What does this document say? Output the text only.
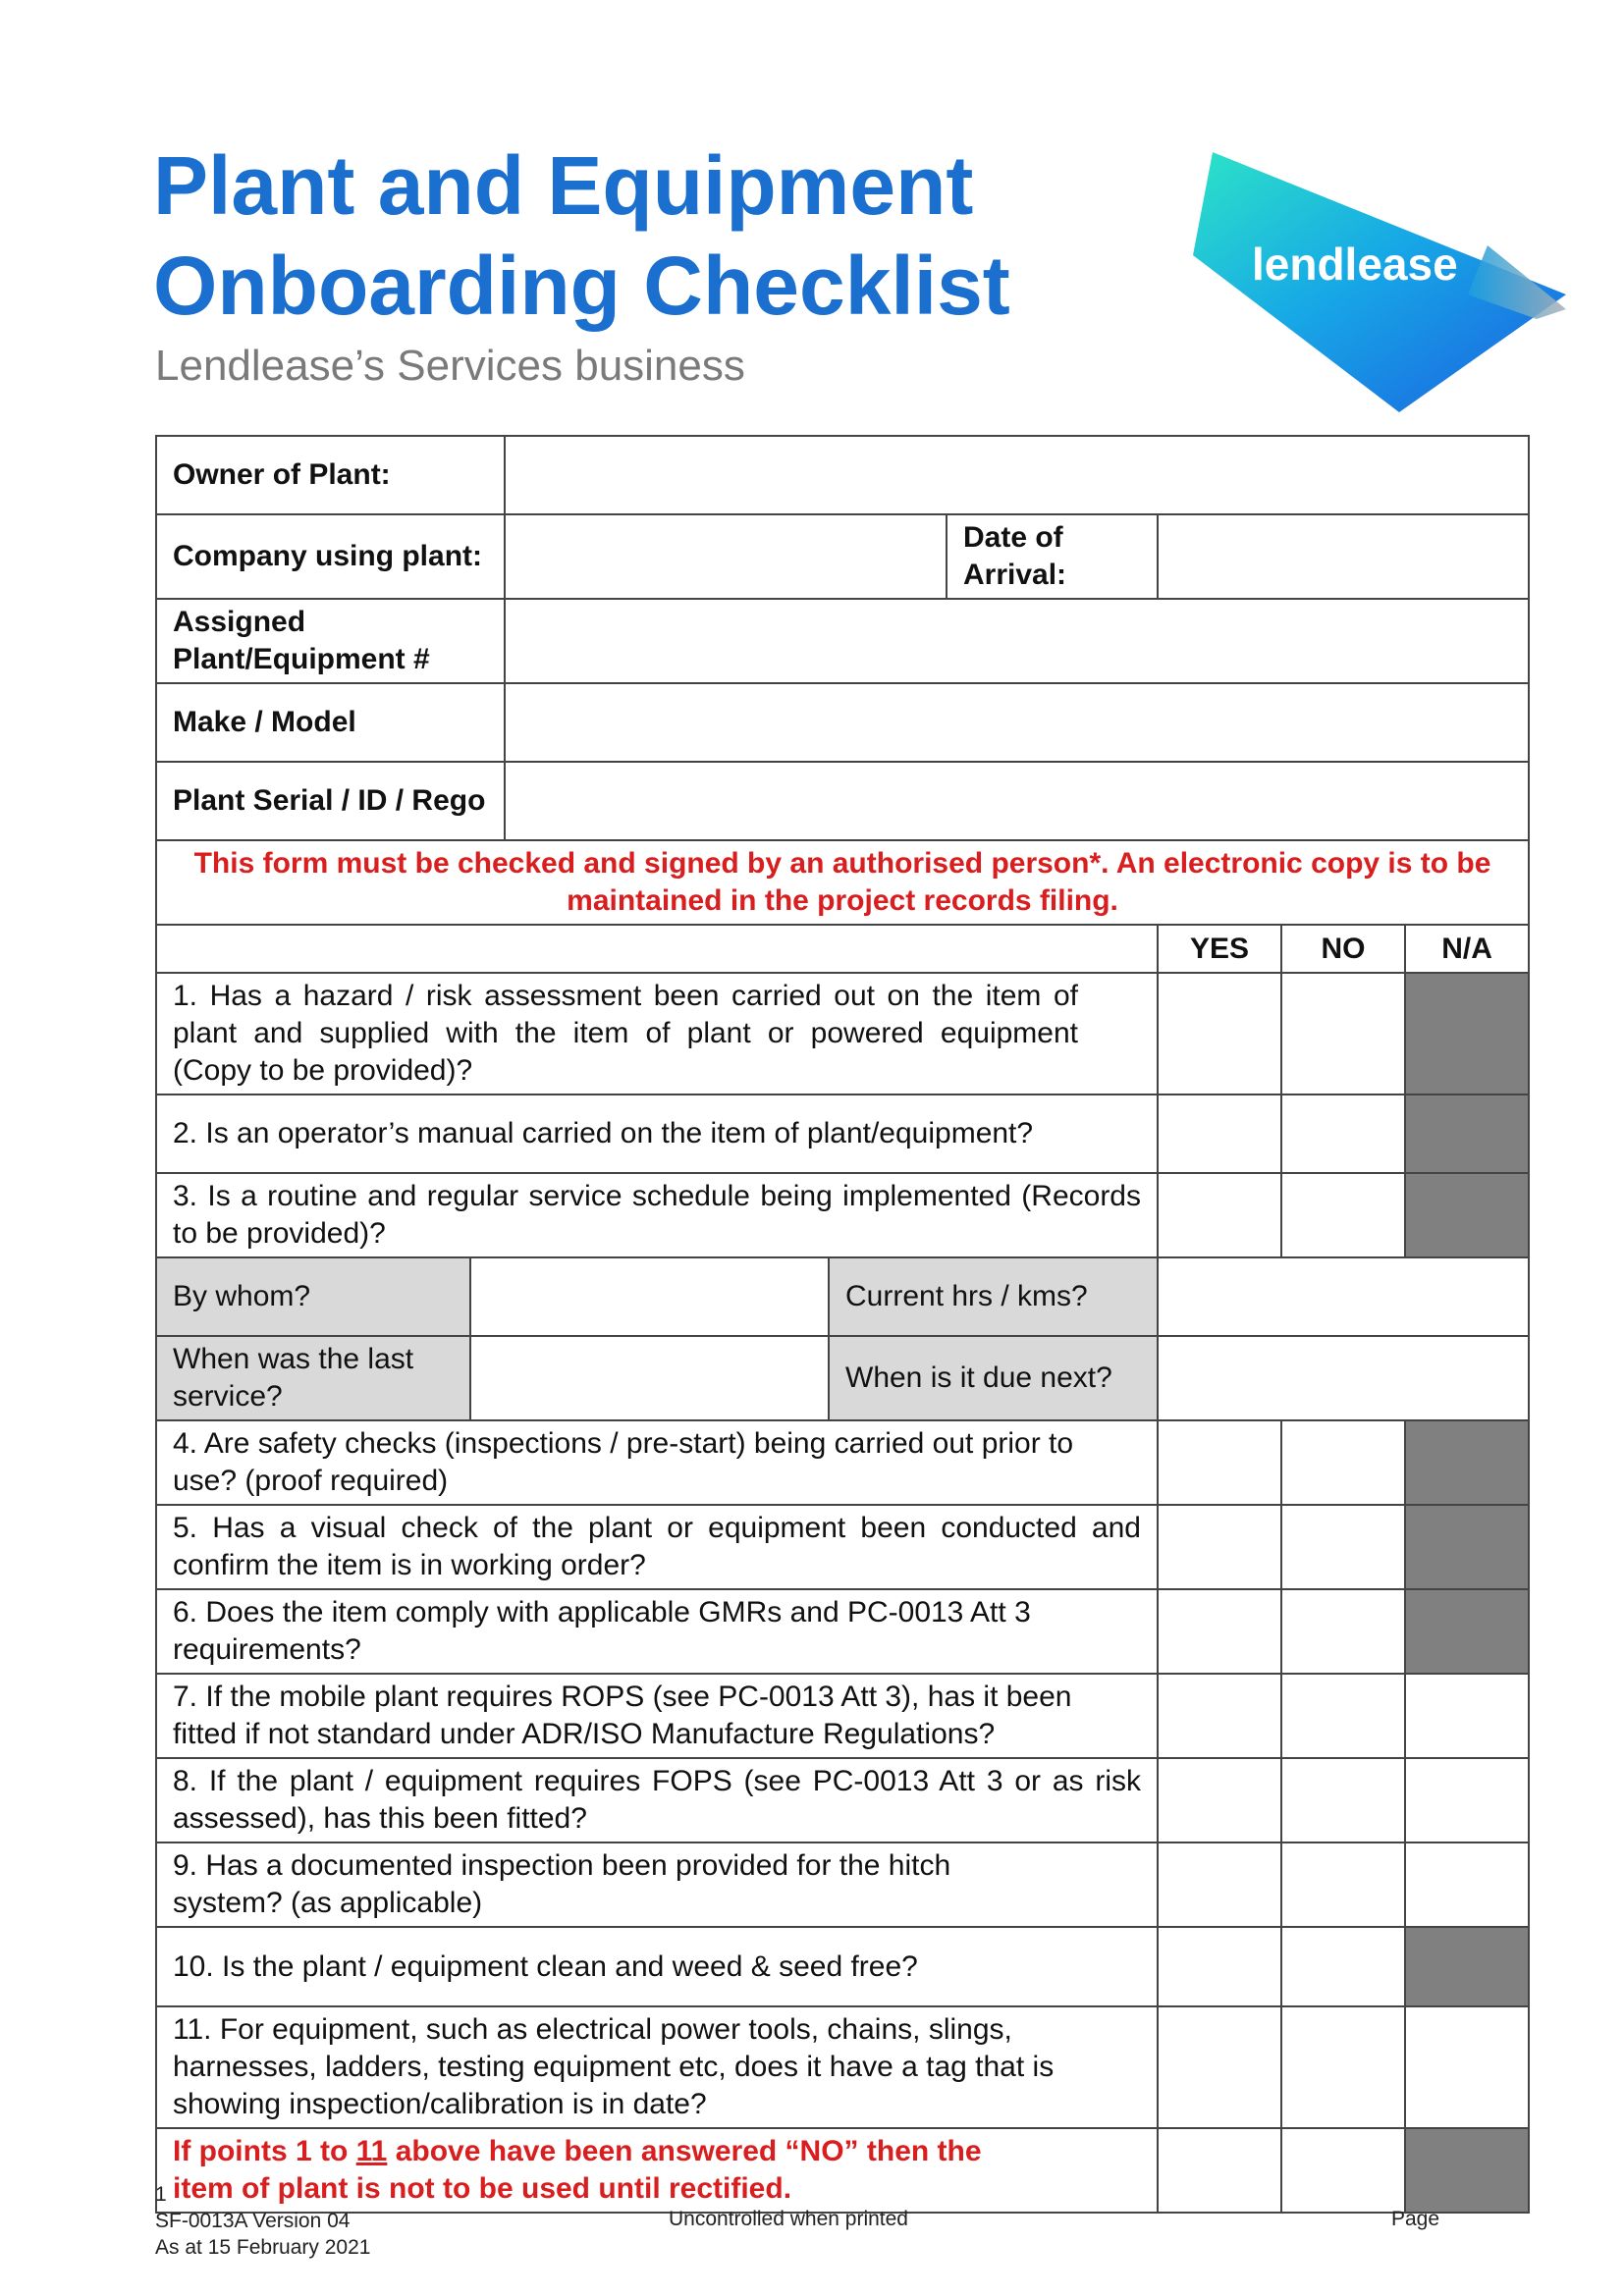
Plant and Equipment
Onboarding Checklist
Lendlease’s Services business
lendlease
Owner of Plant:							
Company using plant:				Date of Arrival:			
Assigned Plant/Equipment #							
Make / Model							
Plant Serial / ID / Rego							
This form must be checked and signed by an authorised person*. An electronic copy is to be maintained in the project records filing.							
					YES	NO	N/A
1. Has a hazard / risk assessment been carried out on the item of plant and supplied with the item of plant or powered equipment (Copy to be provided)?							
2. Is an operator’s manual carried on the item of plant/equipment?							
3. Is a routine and regular service schedule being implemented (Records to be provided)?							
By whom?			Current hrs / kms?				
When was the last service?			When is it due next?				
4. Are safety checks (inspections / pre-start) being carried out prior to use? (proof required)							
5. Has a visual check of the plant or equipment been conducted and confirm the item is in working order?							
6. Does the item comply with applicable GMRs and PC-0013 Att 3 requirements?							
7. If the mobile plant requires ROPS (see PC-0013 Att 3), has it been fitted if not standard under ADR/ISO Manufacture Regulations?							
8. If the plant / equipment requires FOPS (see PC-0013 Att 3 or as risk assessed), has this been fitted?							
9. Has a documented inspection been provided for the hitch system? (as applicable)							
10. Is the plant / equipment clean and weed & seed free?							
11. For equipment, such as electrical power tools, chains, slings, harnesses, ladders, testing equipment etc, does it have a tag that is showing inspection/calibration is in date?							
If points 1 to 11 above have been answered “NO” then the item of plant is not to be used until rectified.							
1
SF-0013A Version 04
As at 15 February 2021
Uncontrolled when printed	Page
